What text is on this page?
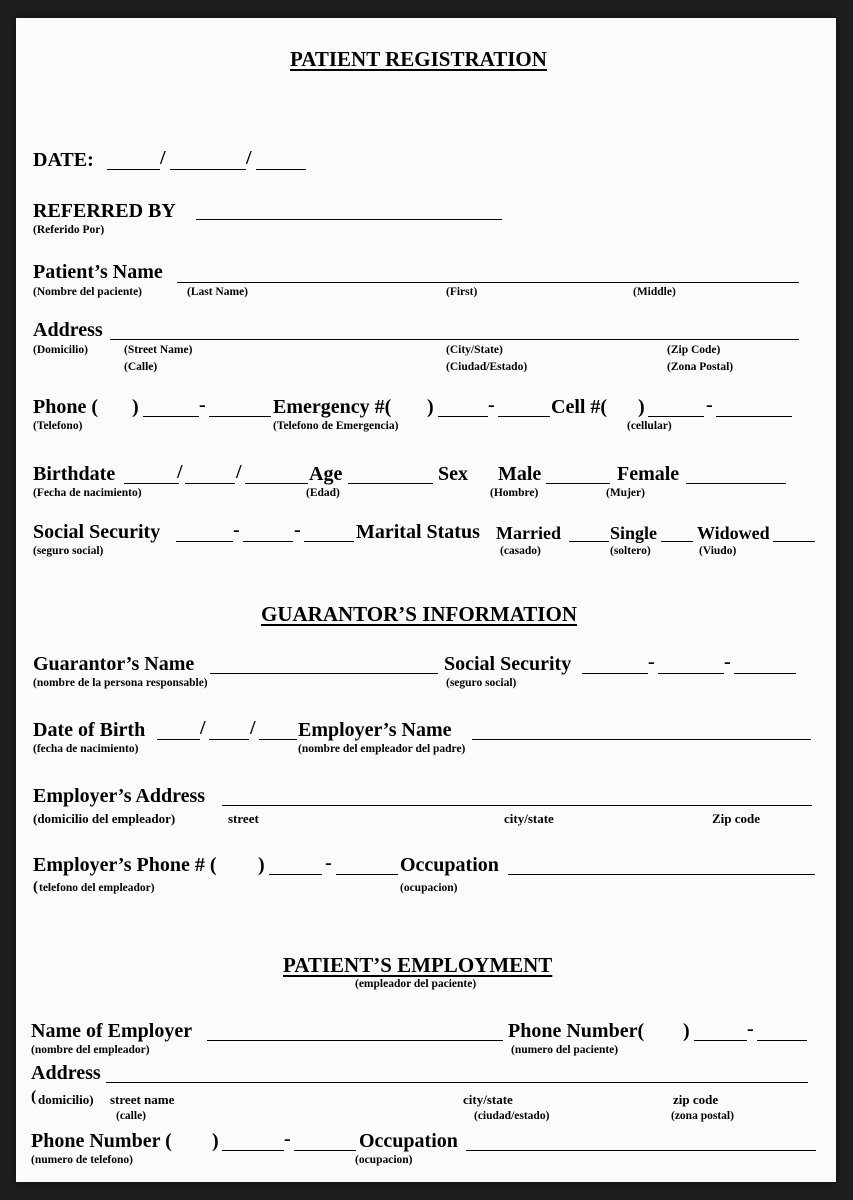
PATIENT REGISTRATION
DATE:	/	/
REFERRED BY
(Referido Por)
Patient’s Name
(Nombre del paciente)	(Last Name)	(First)	(Middle)
Address
(Domicilio)	(Street Name)
(Calle)
(City/State)
(Ciudad/Estado)
(Zip Code)
(Zona Postal)
Phone ( )	-
(Telefono)
Emergency #( )	-
(Telefono de Emergencia)
Cell #( )	-
(cellular)
Birthdate	/	/
(Fecha de nacimiento)
Age
(Edad)
Sex Male
(Hombre)
Female
(Mujer)
Social Security	-	-
(seguro social)
Marital Status Married
(casado)
Single
(soltero)
Widowed
(Viudo)
GUARANTOR’S INFORMATION
Guarantor’s Name
(nombre de la persona responsable)
Social Security	-	-
(seguro social)
Date of Birth	/ /
(fecha de nacimiento)
Employer’s Name
(nombre del empleador del padre)
Employer’s Address
(domicilio del empleador)	street	city/state	Zip code
Employer’s Phone # ( )	-
( telefono del empleador)
Occupation
(ocupacion)
PATIENT’S EMPLOYMENT
(empleador del paciente)
Name of Employer
(nombre del empleador)
Phone Number( )	-
(numero del paciente)
Address
( domicilio) street name
(calle)
city/state
(ciudad/estado)
zip code
(zona postal)
Phone Number ( )	-
(numero de telefono)
Occupation
(ocupacion)
